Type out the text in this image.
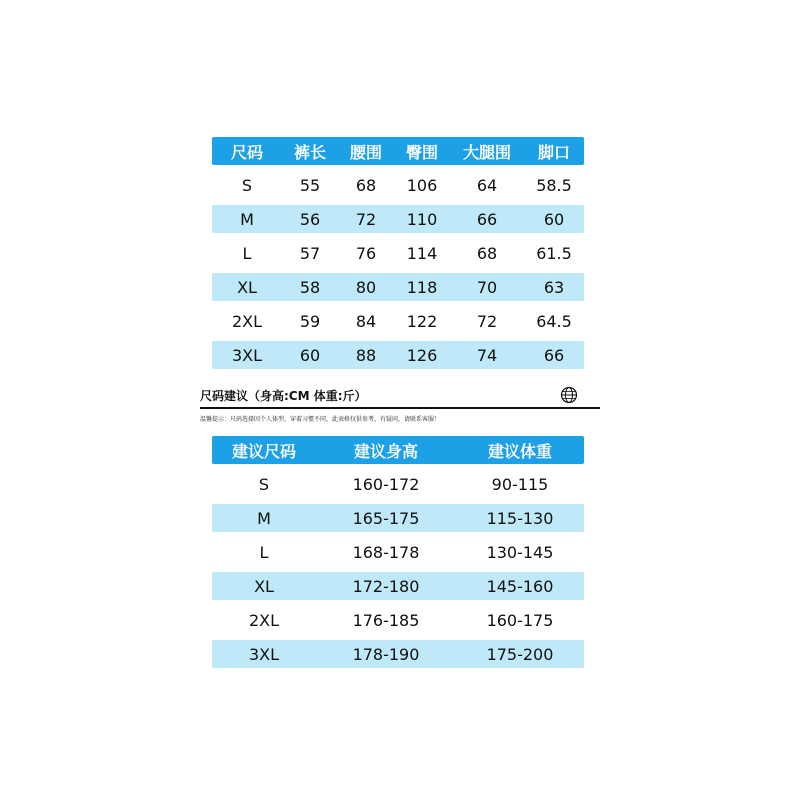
尺码	裤长	腰围	臀围	大腿围	脚口
S	55	68	106	64	58.5
M	56	72	110	66	60
L	57	76	114	68	61.5
XL	58	80	118	70	63
2XL	59	84	122	72	64.5
3XL	60	88	126	74	66
尺码建议（身高:CM 体重:斤）
温馨提示：尺码选择因个人体型，穿着习惯不同，此表格仅供参考，有疑问，请联系客服！
建议尺码	建议身高	建议体重
S	160-172	90-115
M	165-175	115-130
L	168-178	130-145
XL	172-180	145-160
2XL	176-185	160-175
3XL	178-190	175-200
